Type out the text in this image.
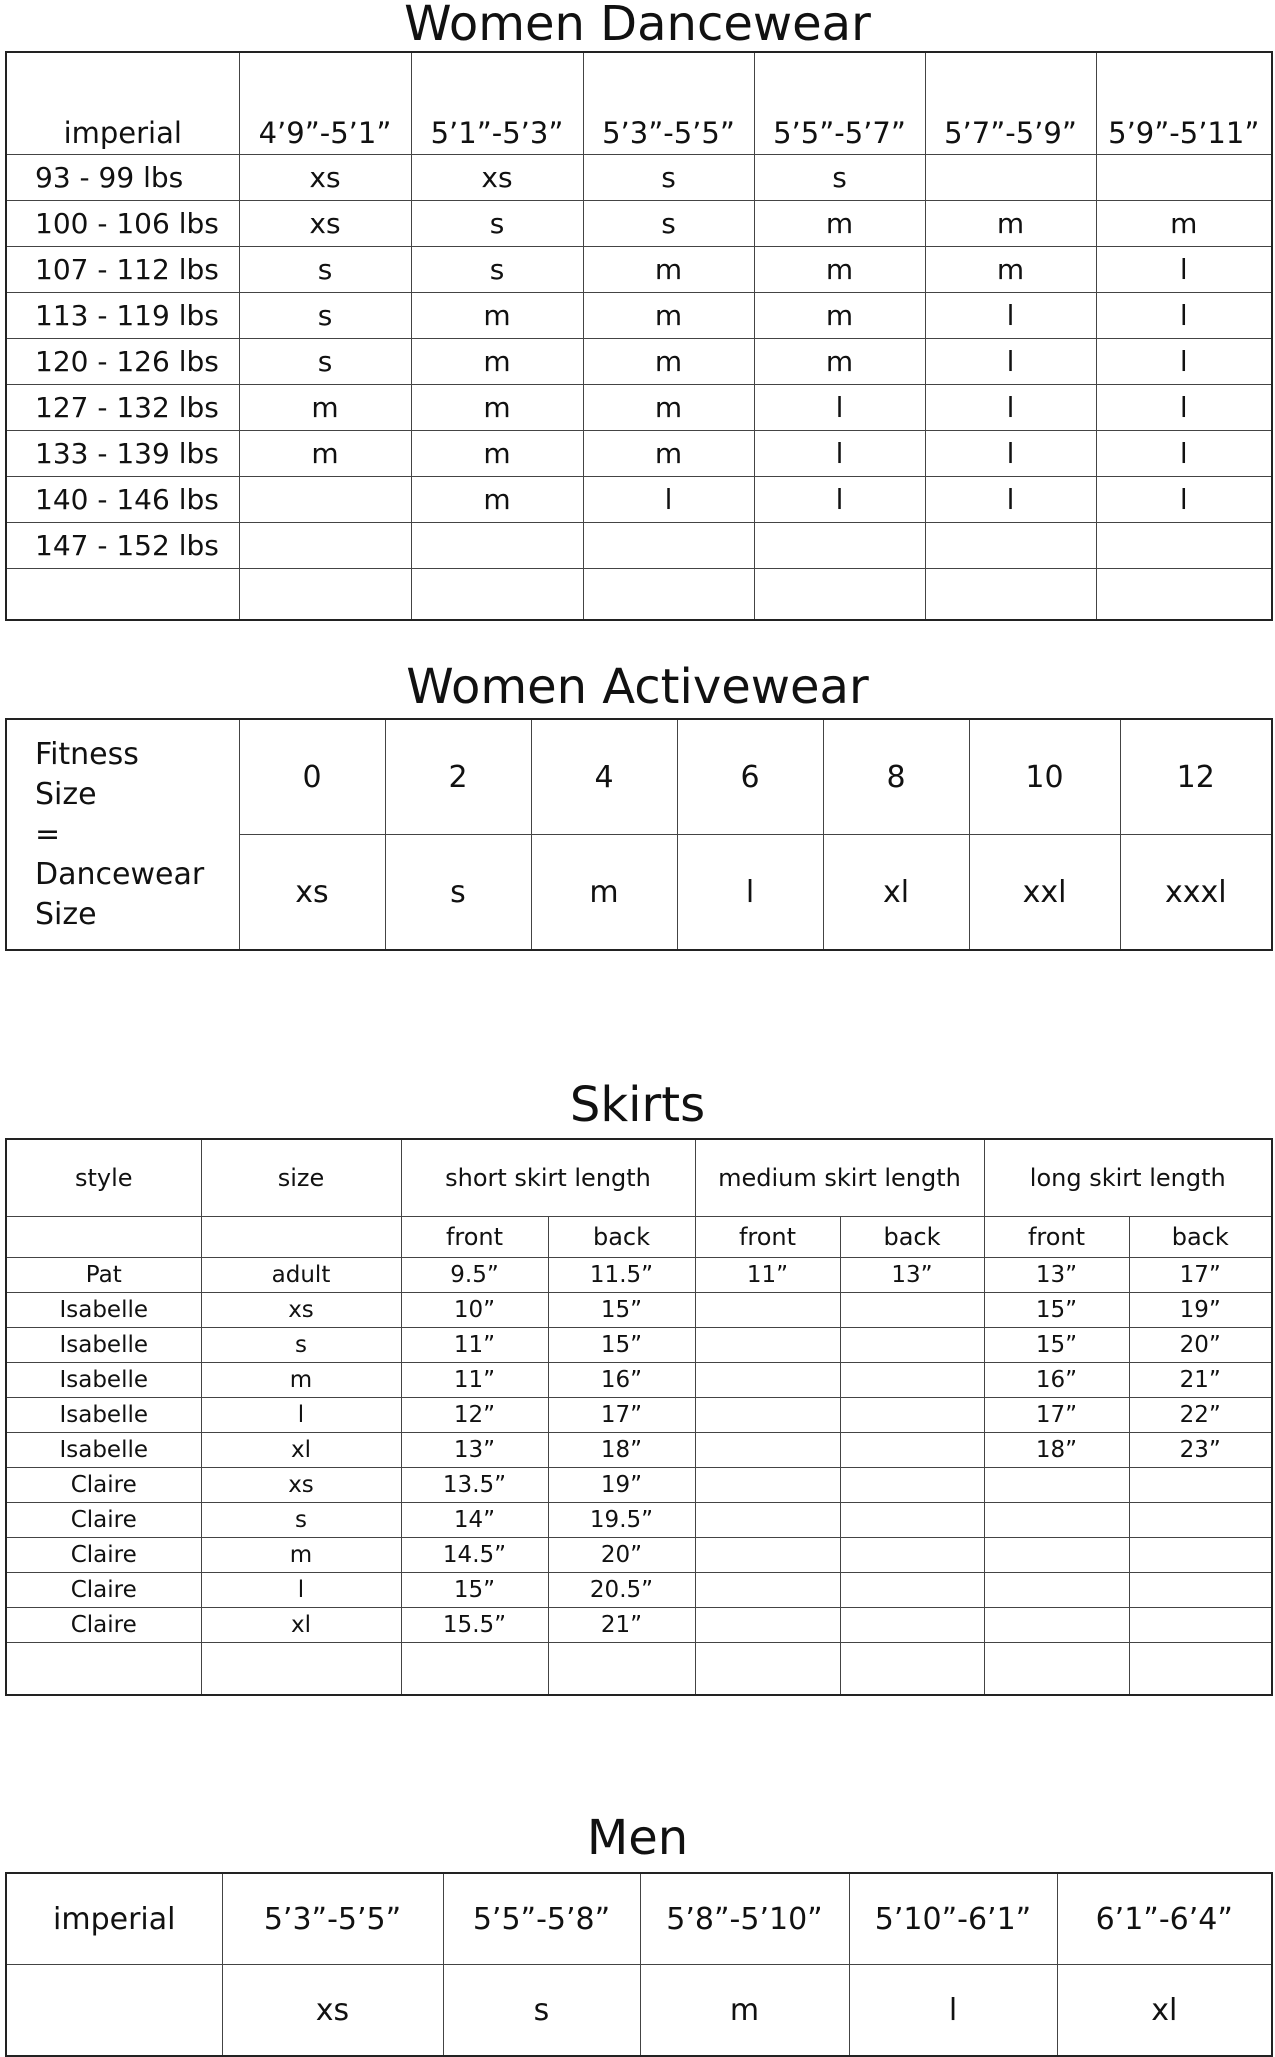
Women Dancewear
imperial	4’9”-5’1”	5’1”-5’3”	5’3”-5’5”	5’5”-5’7”	5’7”-5’9”	5’9”-5’11”
93 - 99 lbs	xs	xs	s	s		
100 - 106 lbs	xs	s	s	m	m	m
107 - 112 lbs	s	s	m	m	m	l
113 - 119 lbs	s	m	m	m	l	l
120 - 126 lbs	s	m	m	m	l	l
127 - 132 lbs	m	m	m	l	l	l
133 - 139 lbs	m	m	m	l	l	l
140 - 146 lbs		m	l	l	l	l
147 - 152 lbs						

Women Activewear
Fitness
Size
=
Dancewear
Size	0	2	4	6	8	10	12
	xs	s	m	l	xl	xxl	xxxl
Skirts
style	size	short skirt length		medium skirt length		long skirt length	
		front	back	front	back	front	back
Pat	adult	9.5”	11.5”	11”	13”	13”	17”
Isabelle	xs	10”	15”			15”	19”
Isabelle	s	11”	15”			15”	20”
Isabelle	m	11”	16”			16”	21”
Isabelle	l	12”	17”			17”	22”
Isabelle	xl	13”	18”			18”	23”
Claire	xs	13.5”	19”				
Claire	s	14”	19.5”				
Claire	m	14.5”	20”				
Claire	l	15”	20.5”				
Claire	xl	15.5”	21”				

Men
imperial	5’3”-5’5”	5’5”-5’8”	5’8”-5’10”	5’10”-6’1”	6’1”-6’4”
	xs	s	m	l	xl
